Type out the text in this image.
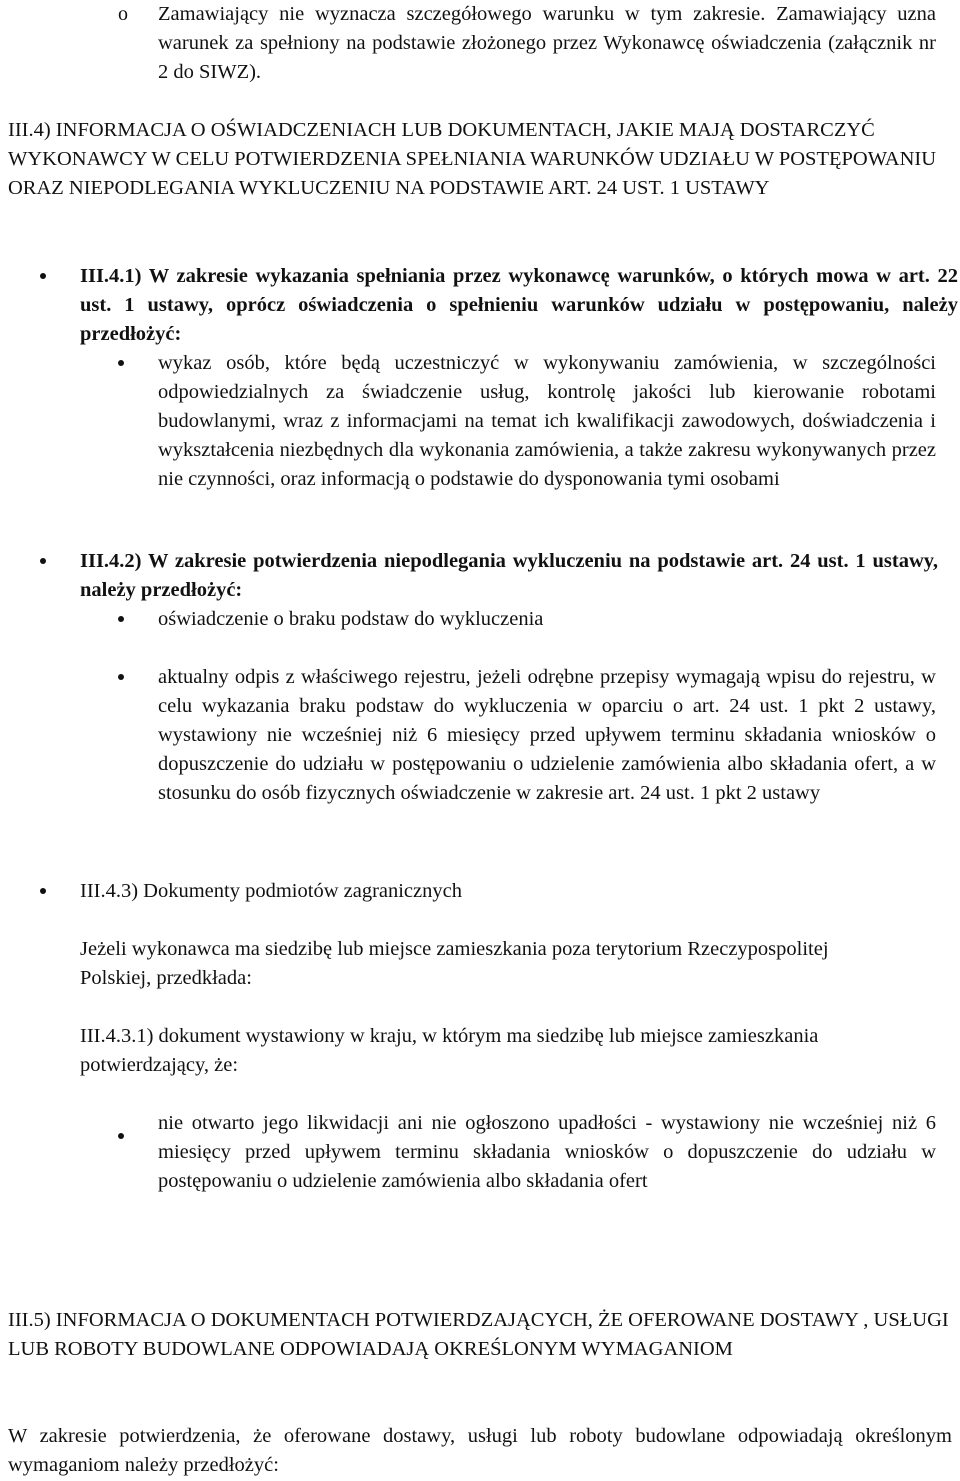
o Zamawiający nie wyznacza szczegółowego warunku w tym zakresie. Zamawiający uzna warunek za spełniony na podstawie złożonego przez Wykonawcę oświadczenia (załącznik nr 2 do SIWZ).

III.4) INFORMACJA O OŚWIADCZENIACH LUB DOKUMENTACH, JAKIE MAJĄ DOSTARCZYĆ WYKONAWCY W CELU POTWIERDZENIA SPEŁNIANIA WARUNKÓW UDZIAŁU W POSTĘPOWANIU ORAZ NIEPODLEGANIA WYKLUCZENIU NA PODSTAWIE ART. 24 UST. 1 USTAWY

III.4.1) W zakresie wykazania spełniania przez wykonawcę warunków, o których mowa w art. 22 ust. 1 ustawy, oprócz oświadczenia o spełnieniu warunków udziału w postępowaniu, należy przedłożyć:

wykaz osób, które będą uczestniczyć w wykonywaniu zamówienia, w szczególności odpowiedzialnych za świadczenie usług, kontrolę jakości lub kierowanie robotami budowlanymi, wraz z informacjami na temat ich kwalifikacji zawodowych, doświadczenia i wykształcenia niezbędnych dla wykonania zamówienia, a także zakresu wykonywanych przez nie czynności, oraz informacją o podstawie do dysponowania tymi osobami

III.4.2) W zakresie potwierdzenia niepodlegania wykluczeniu na podstawie art. 24 ust. 1 ustawy, należy przedłożyć:

oświadczenie o braku podstaw do wykluczenia

aktualny odpis z właściwego rejestru, jeżeli odrębne przepisy wymagają wpisu do rejestru, w celu wykazania braku podstaw do wykluczenia w oparciu o art. 24 ust. 1 pkt 2 ustawy, wystawiony nie wcześniej niż 6 miesięcy przed upływem terminu składania wniosków o dopuszczenie do udziału w postępowaniu o udzielenie zamówienia albo składania ofert, a w stosunku do osób fizycznych oświadczenie w zakresie art. 24 ust. 1 pkt 2 ustawy

III.4.3) Dokumenty podmiotów zagranicznych

Jeżeli wykonawca ma siedzibę lub miejsce zamieszkania poza terytorium Rzeczypospolitej Polskiej, przedkłada:

III.4.3.1) dokument wystawiony w kraju, w którym ma siedzibę lub miejsce zamieszkania potwierdzający, że:

nie otwarto jego likwidacji ani nie ogłoszono upadłości - wystawiony nie wcześniej niż 6 miesięcy przed upływem terminu składania wniosków o dopuszczenie do udziału w postępowaniu o udzielenie zamówienia albo składania ofert

III.5) INFORMACJA O DOKUMENTACH POTWIERDZAJĄCYCH, ŻE OFEROWANE DOSTAWY , USŁUGI LUB ROBOTY BUDOWLANE ODPOWIADAJĄ OKREŚLONYM WYMAGANIOM

W zakresie potwierdzenia, że oferowane dostawy, usługi lub roboty budowlane odpowiadają określonym wymaganiom należy przedłożyć:
